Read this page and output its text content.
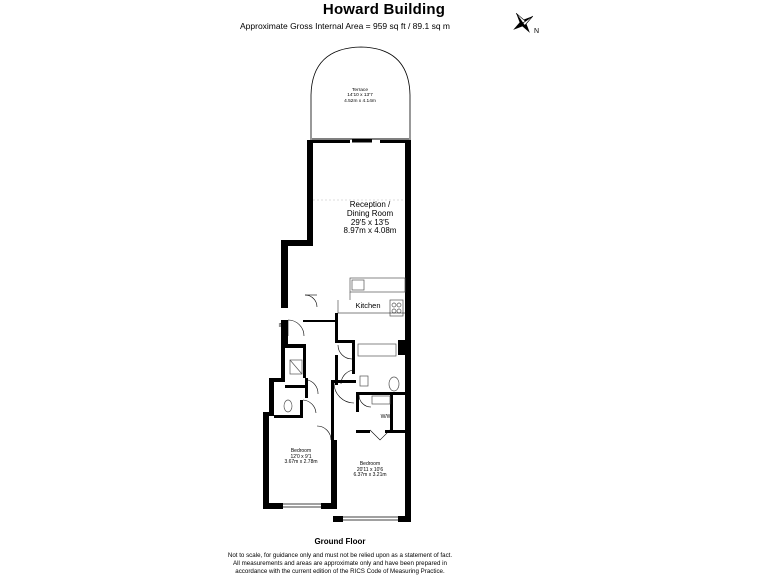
Howard Building

Approximate Gross Internal Area = 959 sq ft / 89.1 sq m

N
Terrace
14'10 x 13'7
4.52m x 4.14m
Reception /
Dining Room
29'5 x 13'5
8.97m x 4.08m
Kitchen
Bedroom
12'0 x 9'1
3.67m x 2.78m	Bedroom
20'11 x 10'6
6.37m x 3.21m
W/W
IN
Ground Floor
Not to scale, for guidance only and must not be relied upon as a statement of fact.
All measurements and areas are approximate only and have been prepared in
accordance with the current edition of the RICS Code of Measuring Practice.
